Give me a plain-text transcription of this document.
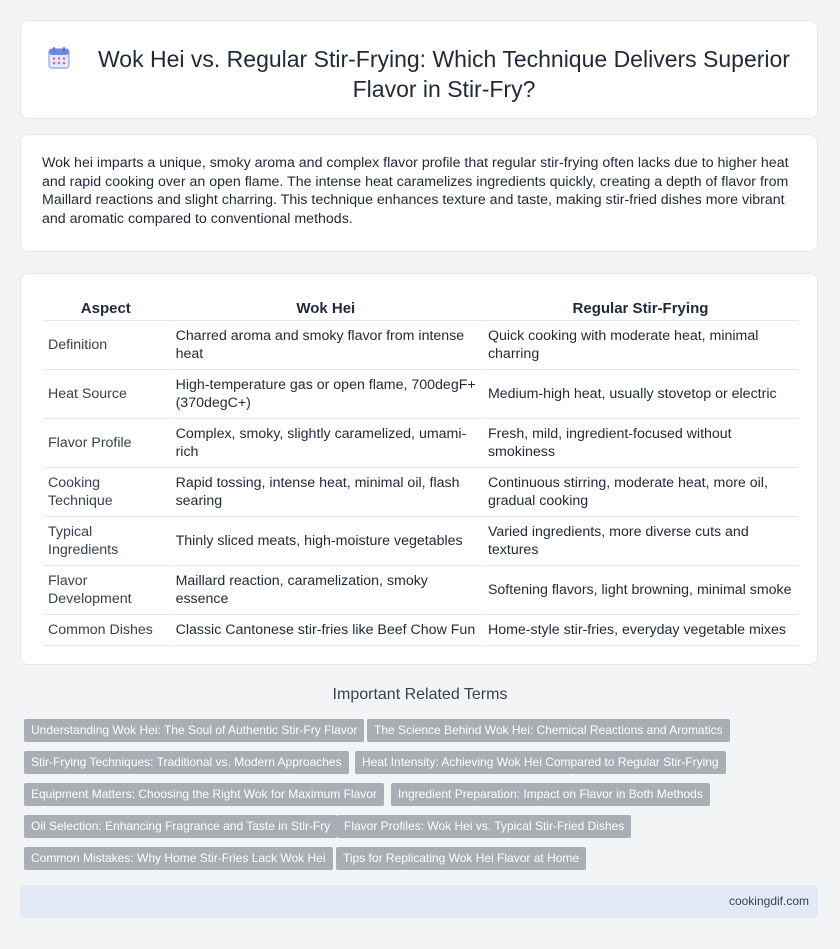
Wok Hei vs. Regular Stir-Frying: Which Technique Delivers Superior Flavor in Stir-Fry?

Wok hei imparts a unique, smoky aroma and complex flavor profile that regular stir-frying often lacks due to higher heat and rapid cooking over an open flame. The intense heat caramelizes ingredients quickly, creating a depth of flavor from Maillard reactions and slight charring. This technique enhances texture and taste, making stir-fried dishes more vibrant and aromatic compared to conventional methods.

Aspect	Wok Hei	Regular Stir-Frying
Definition	Charred aroma and smoky flavor from intense heat	Quick cooking with moderate heat, minimal charring
Heat Source	High-temperature gas or open flame, 700degF+ (370degC+)	Medium-high heat, usually stovetop or electric
Flavor Profile	Complex, smoky, slightly caramelized, umami-rich	Fresh, mild, ingredient-focused without smokiness
Cooking Technique	Rapid tossing, intense heat, minimal oil, flash searing	Continuous stirring, moderate heat, more oil, gradual cooking
Typical Ingredients	Thinly sliced meats, high-moisture vegetables	Varied ingredients, more diverse cuts and textures
Flavor Development	Maillard reaction, caramelization, smoky essence	Softening flavors, light browning, minimal smoke
Common Dishes	Classic Cantonese stir-fries like Beef Chow Fun	Home-style stir-fries, everyday vegetable mixes
Important Related Terms
Understanding Wok Hei: The Soul of Authentic Stir-Fry Flavor	The Science Behind Wok Hei: Chemical Reactions and Aromatics
Stir-Frying Techniques: Traditional vs. Modern Approaches	Heat Intensity: Achieving Wok Hei Compared to Regular Stir-Frying
Equipment Matters: Choosing the Right Wok for Maximum Flavor	Ingredient Preparation: Impact on Flavor in Both Methods
Oil Selection: Enhancing Fragrance and Taste in Stir-Fry	Flavor Profiles: Wok Hei vs. Typical Stir-Fried Dishes
Common Mistakes: Why Home Stir-Fries Lack Wok Hei	Tips for Replicating Wok Hei Flavor at Home
cookingdif.com
